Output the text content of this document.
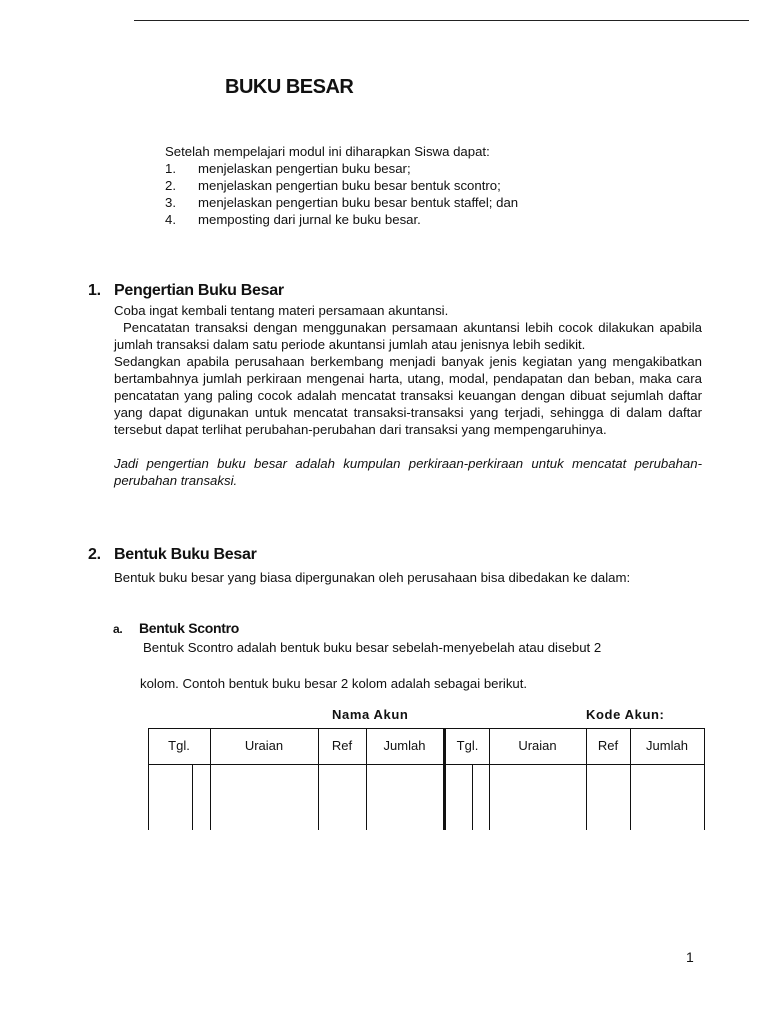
BUKU BESAR
Setelah mempelajari modul ini diharapkan Siswa dapat:
1. menjelaskan pengertian buku besar;
2. menjelaskan pengertian buku besar bentuk scontro;
3. menjelaskan pengertian buku besar bentuk staffel; dan
4. memposting dari jurnal ke buku besar.
1. Pengertian Buku Besar
Coba ingat kembali tentang materi persamaan akuntansi.
Pencatatan transaksi dengan menggunakan persamaan akuntansi lebih cocok dilakukan apabila jumlah transaksi dalam satu periode akuntansi jumlah atau jenisnya lebih sedikit.
Sedangkan apabila perusahaan berkembang menjadi banyak jenis kegiatan yang mengakibatkan bertambahnya jumlah perkiraan mengenai harta, utang, modal, pendapatan dan beban, maka cara pencatatan yang paling cocok adalah mencatat transaksi keuangan dengan dibuat sejumlah daftar yang dapat digunakan untuk mencatat transaksi-transaksi yang terjadi, sehingga di dalam daftar tersebut dapat terlihat perubahan-perubahan dari transaksi yang mempengaruhinya.
Jadi pengertian buku besar adalah kumpulan perkiraan-perkiraan untuk mencatat perubahan-perubahan transaksi.
2. Bentuk Buku Besar
Bentuk buku besar yang biasa dipergunakan oleh perusahaan bisa dibedakan ke dalam:
a. Bentuk Scontro
Bentuk Scontro adalah bentuk buku besar sebelah-menyebelah atau disebut 2
kolom. Contoh bentuk buku besar 2 kolom adalah sebagai berikut.
Nama Akun	Kode Akun:
Tgl.	Uraian	Ref	Jumlah	Tgl.	Uraian	Ref	Jumlah
1
